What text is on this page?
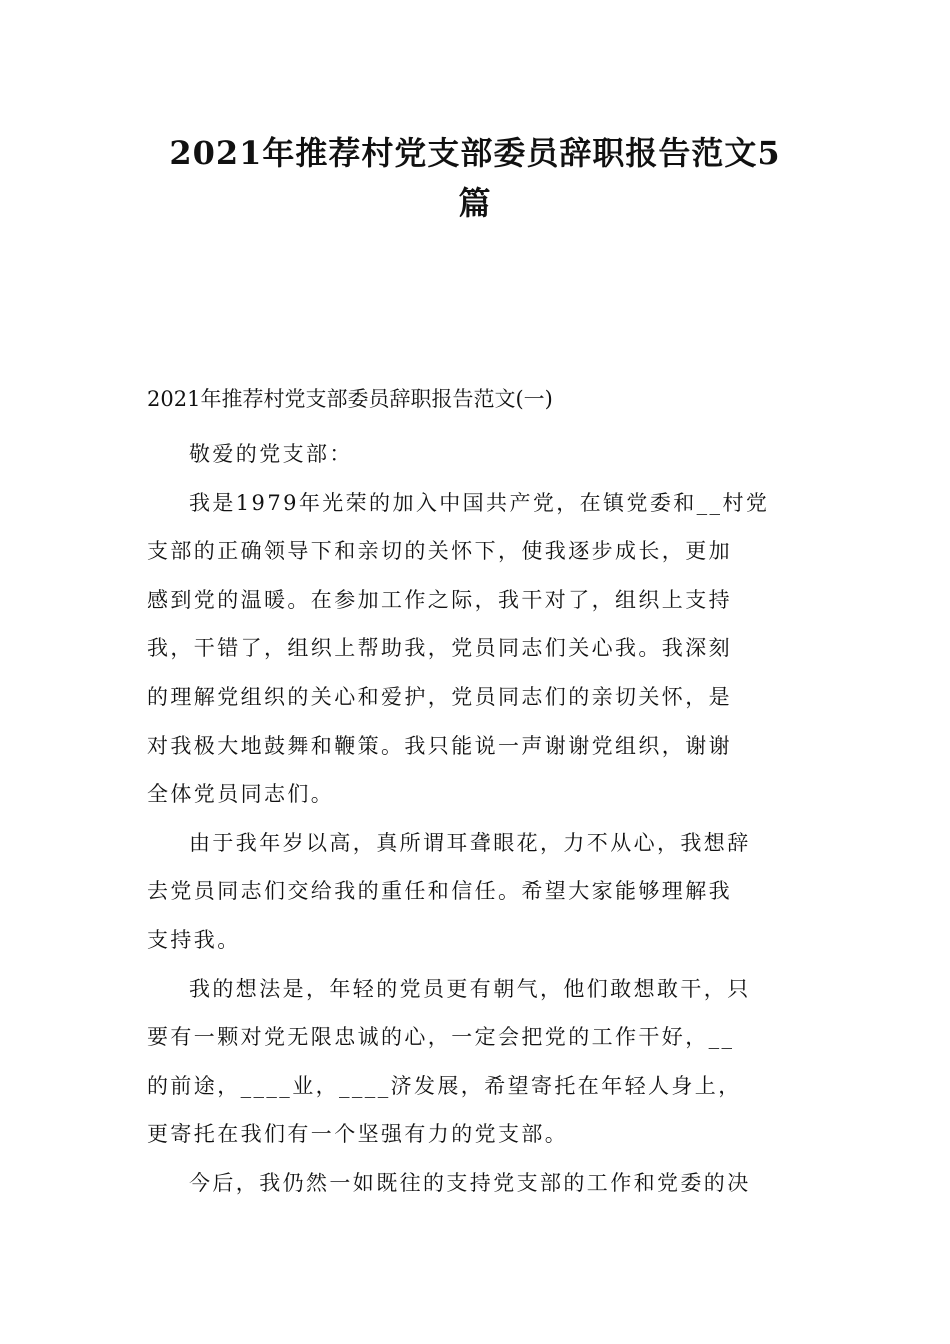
2021年推荐村党支部委员辞职报告范文5
篇
2021年推荐村党支部委员辞职报告范文(一)
敬爱的党支部：
我是1979年光荣的加入中国共产党，在镇党委和__村党
支部的正确领导下和亲切的关怀下，使我逐步成长，更加
感到党的温暖。在参加工作之际，我干对了，组织上支持
我，干错了，组织上帮助我，党员同志们关心我。我深刻
的理解党组织的关心和爱护，党员同志们的亲切关怀，是
对我极大地鼓舞和鞭策。我只能说一声谢谢党组织，谢谢
全体党员同志们。
由于我年岁以高，真所谓耳聋眼花，力不从心，我想辞
去党员同志们交给我的重任和信任。希望大家能够理解我
支持我。
我的想法是，年轻的党员更有朝气，他们敢想敢干，只
要有一颗对党无限忠诚的心，一定会把党的工作干好，__
的前途，____业，____济发展，希望寄托在年轻人身上，
更寄托在我们有一个坚强有力的党支部。
今后，我仍然一如既往的支持党支部的工作和党委的决
